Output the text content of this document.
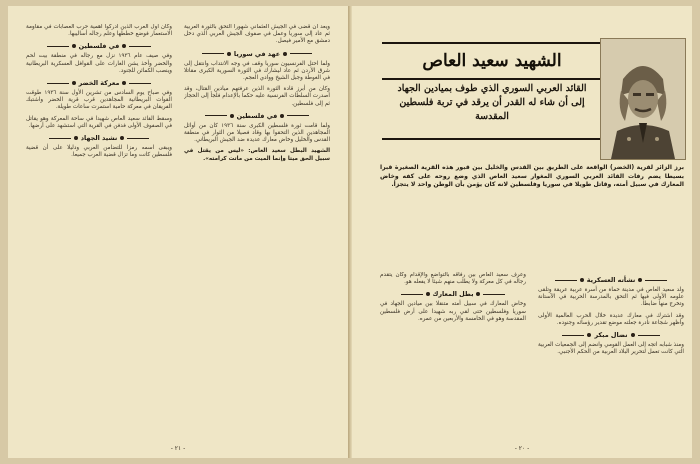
وكان أول العرب الذين أدركوا أهمية حرب العصابات في مقاومة الاستعمار فوضع خططها وعلم رجاله أساليبها.

في فلسطين

وفي صيف عام ١٩٣٦ نزل مع رجاله في منطقة بيت لحم والخضر وأخذ يشن الغارات على القوافل العسكرية البريطانية وينصب الكمائن للجنود.

معركة الخضر

وفي صباح يوم السادس من تشرين الأول سنة ١٩٣٦ طوقت القوات البريطانية المجاهدين قرب قرية الخضر واشتبك الفريقان في معركة حامية استمرت ساعات طويلة.

وسقط القائد سعيد العاص شهيدا في ساحة المعركة وهو يقاتل في الصفوف الأولى فدفن في القرية التي استشهد على أرضها.

نشيد الجهاد

ويبقى اسمه رمزا للتضامن العربي ودليلا على أن قضية فلسطين كانت وما تزال قضية العرب جميعا.

ويعد أن قضى في الجيش العثماني شهورا التحق بالثورة العربية ثم عاد إلى سوريا وعمل في صفوف الجيش العربي الذي دخل دمشق مع الأمير فيصل.

عهد في سوريا

ولما احتل الفرنسيون سوريا وقف في وجه الانتداب وانتقل إلى شرق الأردن ثم عاد ليشارك في الثورة السورية الكبرى مقاتلا في الغوطة وجبل الشيخ ووادي العجم.

وكان من أبرز قادة الثورة الذين عرفتهم ميادين القتال، وقد أصدرت السلطات الفرنسية عليه حكما بالإعدام فلجأ إلى الحجاز ثم إلى فلسطين.

في فلسطين

ولما قامت ثورة فلسطين الكبرى سنة ١٩٣٦ كان من أوائل المجاهدين الذين التحقوا بها وقاد فصيلا من الثوار في منطقة القدس والخليل وخاض معارك عديدة ضد الجيش البريطاني.

الشهيد البطل سعيد العاص: «ليس من يقتل في سبيل الحق ميتا وإنما الميت من ماتت كرامته».

- ٢١ -
الشهيد سعيد العاص
القائد العربي السوري الذي طوف بميادين الجهاد
إلى أن شاء له القدر أن يرقد في تربة فلسطين المقدسة
برز الزائر لقرية (الخضر) الواقعة على الطريق بين القدس والخليل بين قبور هذه القرية الصغيرة قبرا بسيطا يضم رفات القائد العربي السوري المغوار سعيد العاص الذي وضع روحه على كفه وخاض المعارك في سبيل أمته، وقاتل طويلا في سوريا وفلسطين لانه كان يؤمن بأن الوطن واحد لا يتجزأ.

وعرف سعيد العاص بين رفاقه بالتواضع والإقدام وكان يتقدم رجاله في كل معركة ولا يطلب منهم شيئا لا يفعله هو.

بطل المعارك

وخاض المعارك في سبيل أمته متنقلا بين ميادين الجهاد في سوريا وفلسطين حتى لقي ربه شهيدا على أرض فلسطين المقدسة وهو في الخامسة والأربعين من عمره.

نشأته العسكرية

ولد سعيد العاص في مدينة حماة من أسرة عربية عريقة وتلقى علومه الأولى فيها ثم التحق بالمدرسة الحربية في الآستانة وتخرج منها ضابطا.

وقد اشترك في معارك عديدة خلال الحرب العالمية الأولى وأظهر شجاعة نادرة جعلته موضع تقدير رؤسائه وجنوده.

نضال مبكر

ومنذ شبابه اتجه إلى العمل القومي وانضم إلى الجمعيات العربية التي كانت تعمل لتحرير البلاد العربية من الحكم الأجنبي.

- ٢٠ -
